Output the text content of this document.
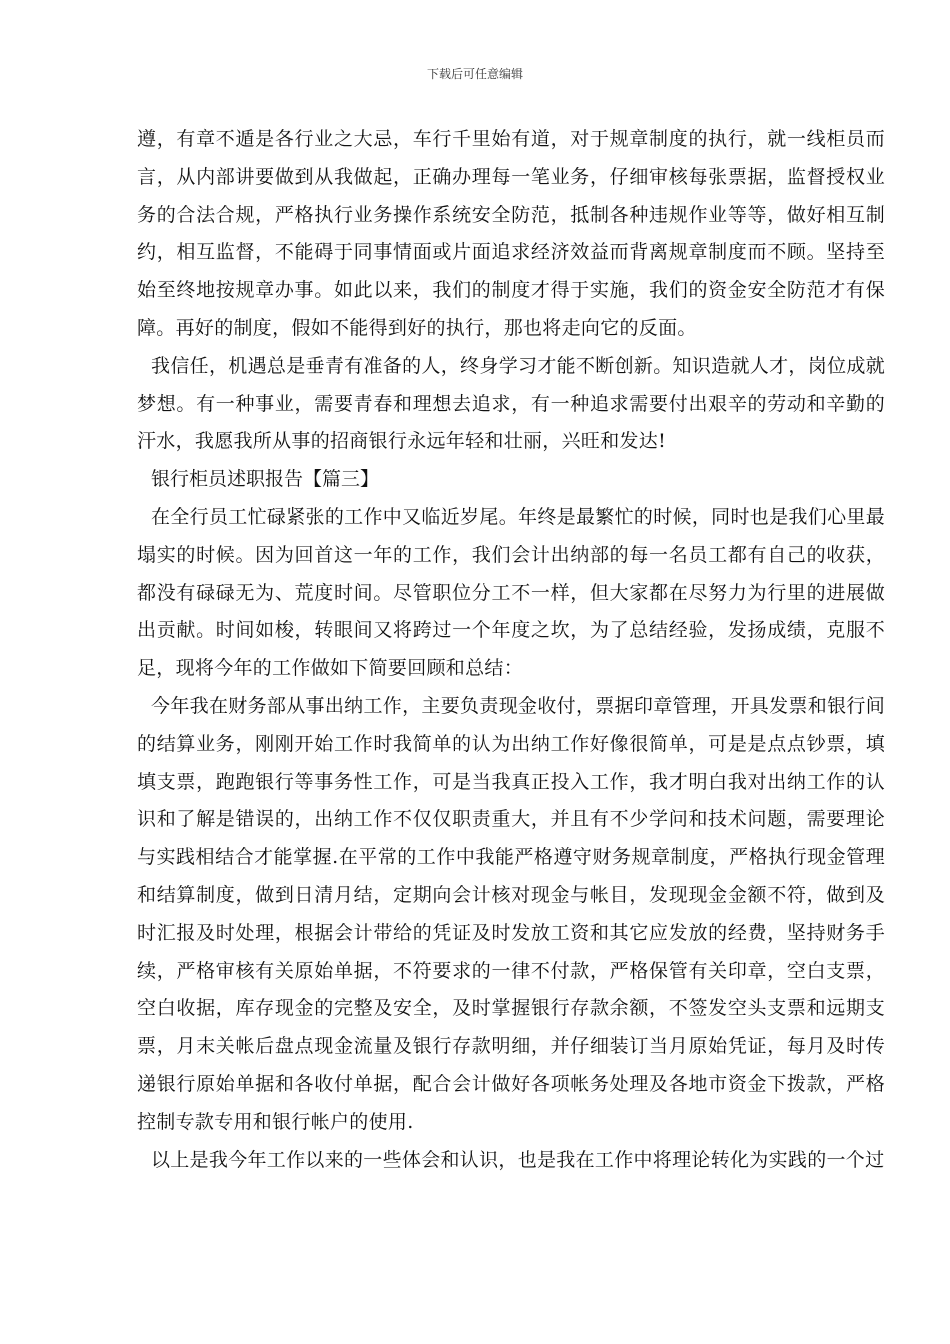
下载后可任意编辑

遵，有章不遁是各行业之大忌，车行千里始有道，对于规章制度的执行，就一线柜员而言，从内部讲要做到从我做起，正确办理每一笔业务，仔细审核每张票据，监督授权业务的合法合规，严格执行业务操作系统安全防范，抵制各种违规作业等等，做好相互制约，相互监督，不能碍于同事情面或片面追求经济效益而背离规章制度而不顾。坚持至始至终地按规章办事。如此以来，我们的制度才得于实施，我们的资金安全防范才有保障。再好的制度，假如不能得到好的执行，那也将走向它的反面。

我信任，机遇总是垂青有准备的人，终身学习才能不断创新。知识造就人才，岗位成就梦想。有一种事业，需要青春和理想去追求，有一种追求需要付出艰辛的劳动和辛勤的汗水，我愿我所从事的招商银行永远年轻和壮丽，兴旺和发达!

银行柜员述职报告【篇三】

在全行员工忙碌紧张的工作中又临近岁尾。年终是最繁忙的时候，同时也是我们心里最塌实的时候。因为回首这一年的工作，我们会计出纳部的每一名员工都有自己的收获，都没有碌碌无为、荒度时间。尽管职位分工不一样，但大家都在尽努力为行里的进展做出贡献。时间如梭，转眼间又将跨过一个年度之坎，为了总结经验，发扬成绩，克服不足，现将今年的工作做如下简要回顾和总结：

今年我在财务部从事出纳工作，主要负责现金收付，票据印章管理，开具发票和银行间的结算业务，刚刚开始工作时我简单的认为出纳工作好像很简单，可是是点点钞票，填填支票，跑跑银行等事务性工作，可是当我真正投入工作，我才明白我对出纳工作的认识和了解是错误的，出纳工作不仅仅职责重大，并且有不少学问和技术问题，需要理论与实践相结合才能掌握.在平常的工作中我能严格遵守财务规章制度，严格执行现金管理和结算制度，做到日清月结，定期向会计核对现金与帐目，发现现金金额不符，做到及时汇报及时处理，根据会计带给的凭证及时发放工资和其它应发放的经费，坚持财务手续，严格审核有关原始单据，不符要求的一律不付款，严格保管有关印章，空白支票，空白收据，库存现金的完整及安全，及时掌握银行存款余额，不签发空头支票和远期支票，月末关帐后盘点现金流量及银行存款明细，并仔细装订当月原始凭证，每月及时传递银行原始单据和各收付单据，配合会计做好各项帐务处理及各地市资金下拨款，严格控制专款专用和银行帐户的使用.

以上是我今年工作以来的一些体会和认识，也是我在工作中将理论转化为实践的一个过
